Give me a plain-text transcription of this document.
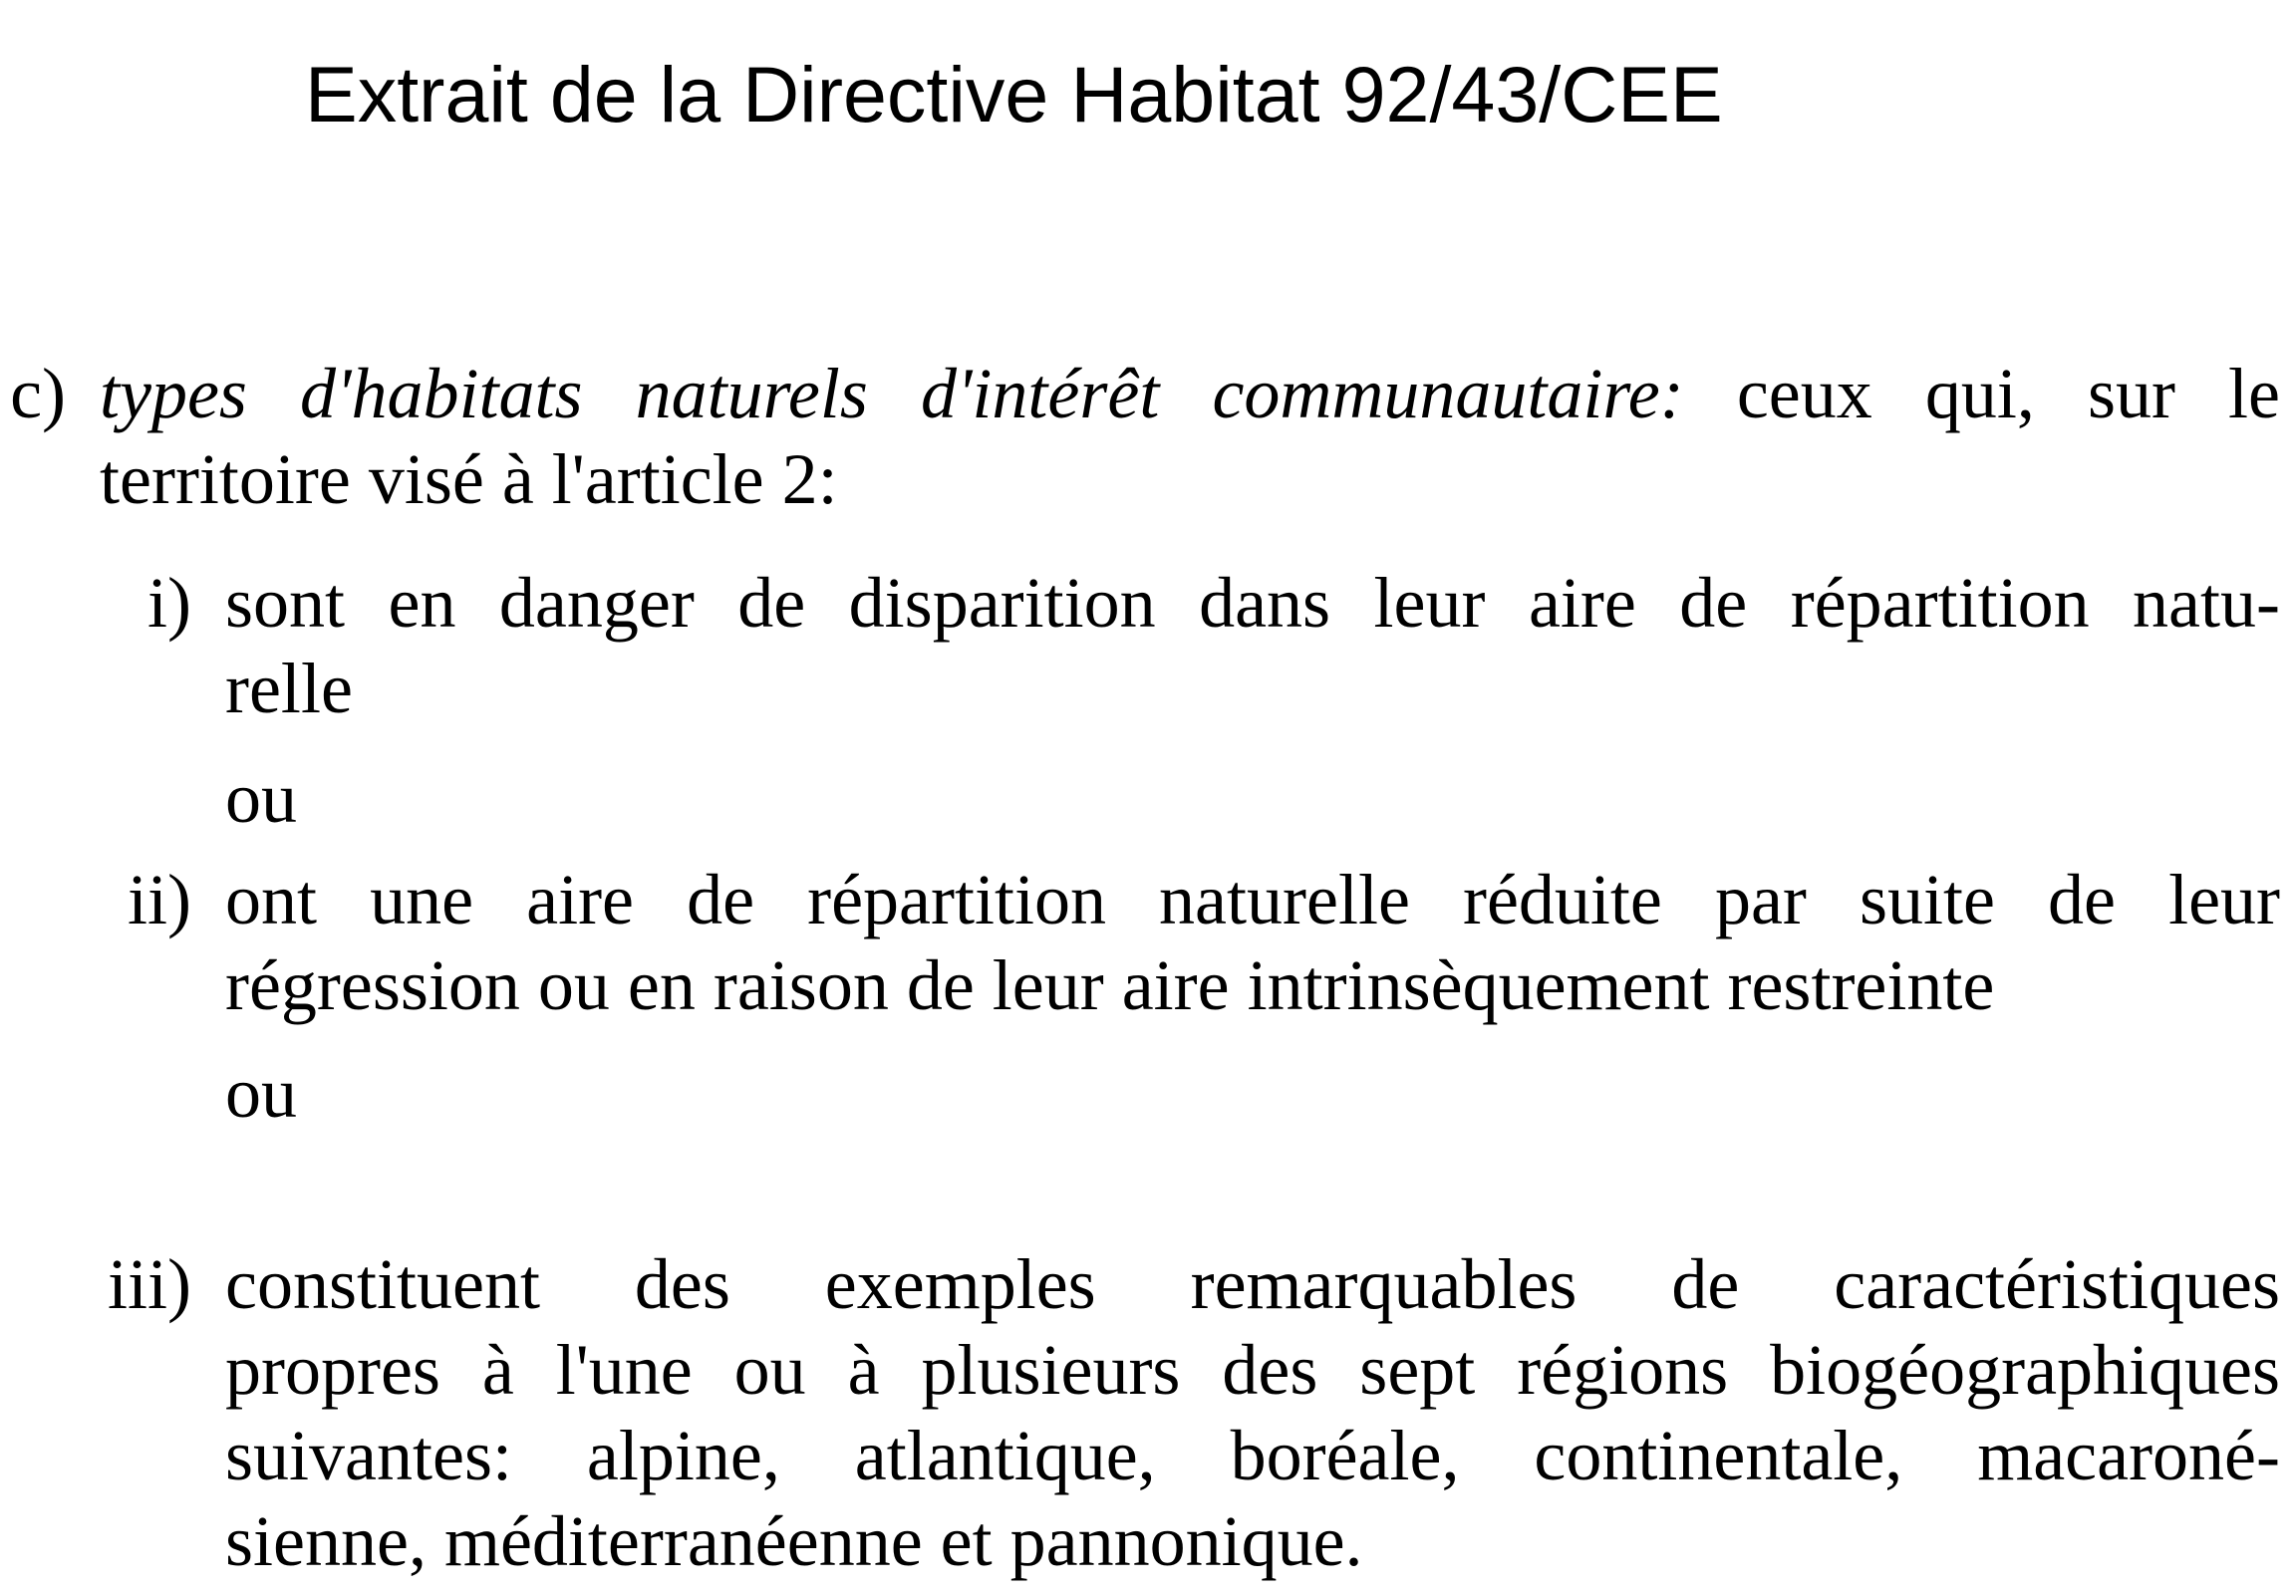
Extrait de la Directive Habitat 92/43/CEE
c) types d'habitats naturels d'intérêt communautaire: ceux qui, sur le
territoire visé à l'article 2:
i) sont en danger de disparition dans leur aire de répartition natu-
relle
ou
ii) ont une aire de répartition naturelle réduite par suite de leur
régression ou en raison de leur aire intrinsèquement restreinte
ou
iii) constituent des exemples remarquables de caractéristiques
propres à l'une ou à plusieurs des sept régions biogéographiques
suivantes: alpine, atlantique, boréale, continentale, macaroné-
sienne, méditerranéenne et pannonique.
